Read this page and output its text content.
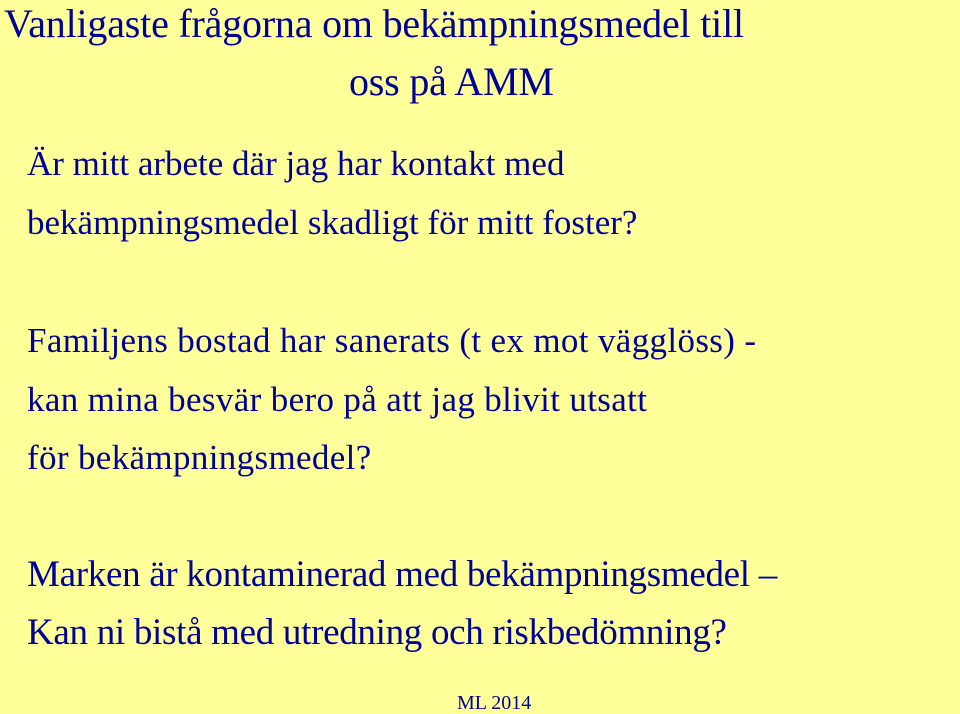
Vanligaste frågorna om bekämpningsmedel till
oss på AMM
Är mitt arbete där jag har kontakt med
bekämpningsmedel skadligt för mitt foster?
Familjens bostad har sanerats (t ex mot vägglöss) -
kan mina besvär bero på att jag blivit utsatt
för bekämpningsmedel?
Marken är kontaminerad med bekämpningsmedel –
Kan ni bistå med utredning och riskbedömning?
ML 2014
